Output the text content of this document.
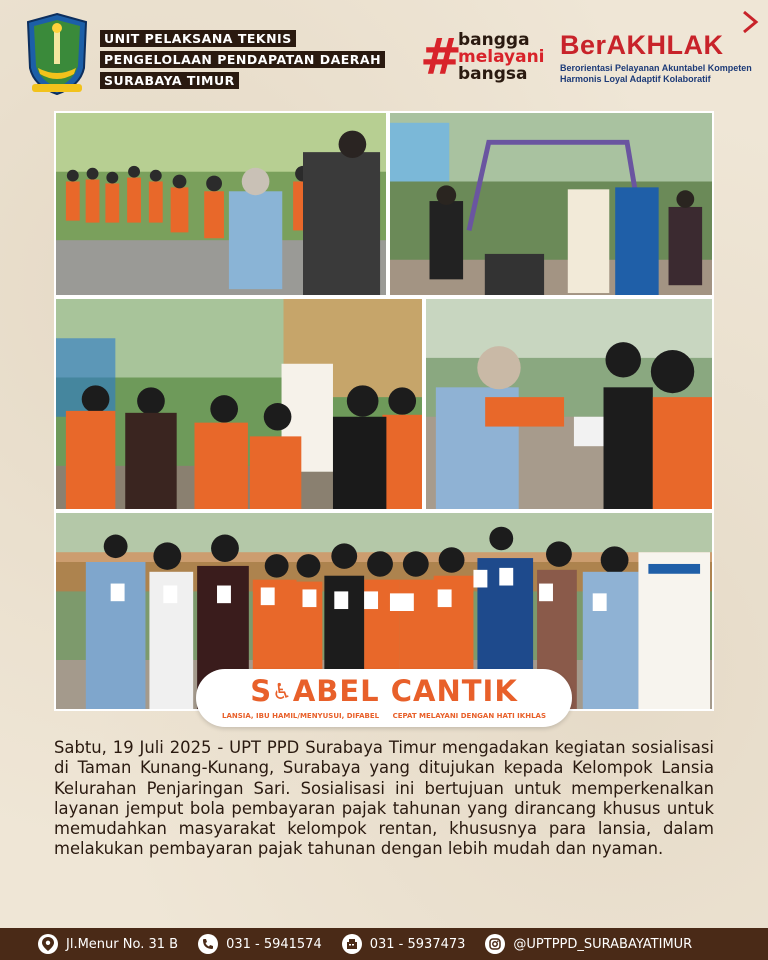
UNIT PELAKSANA TEKNIS
PENGELOLAAN PENDAPATAN DAERAH
SURABAYA TIMUR	#
bangga
melayani
bangsa
BerAKHLAK
Berorientasi Pelayanan Akuntabel Kompeten
Harmonis Loyal Adaptif Kolaboratif
S♿ABEL CANTIK
LANSIA, IBU HAMIL/MENYUSUI, DIFABEL CEPAT MELAYANI DENGAN HATI IKHLAS

Sabtu, 19 Juli 2025 - UPT PPD Surabaya Timur mengadakan kegiatan sosialisasi di Taman Kunang-Kunang, Surabaya yang ditujukan kepada Kelompok Lansia Kelurahan Penjaringan Sari. Sosialisasi ini bertujuan untuk memperkenalkan layanan jemput bola pembayaran pajak tahunan yang dirancang khusus untuk memudahkan masyarakat kelompok rentan, khususnya para lansia, dalam melakukan pembayaran pajak tahunan dengan lebih mudah dan nyaman.

Jl.Menur No. 31 B	031 - 5941574	031 - 5937473	@UPTPPD_SURABAYATIMUR
